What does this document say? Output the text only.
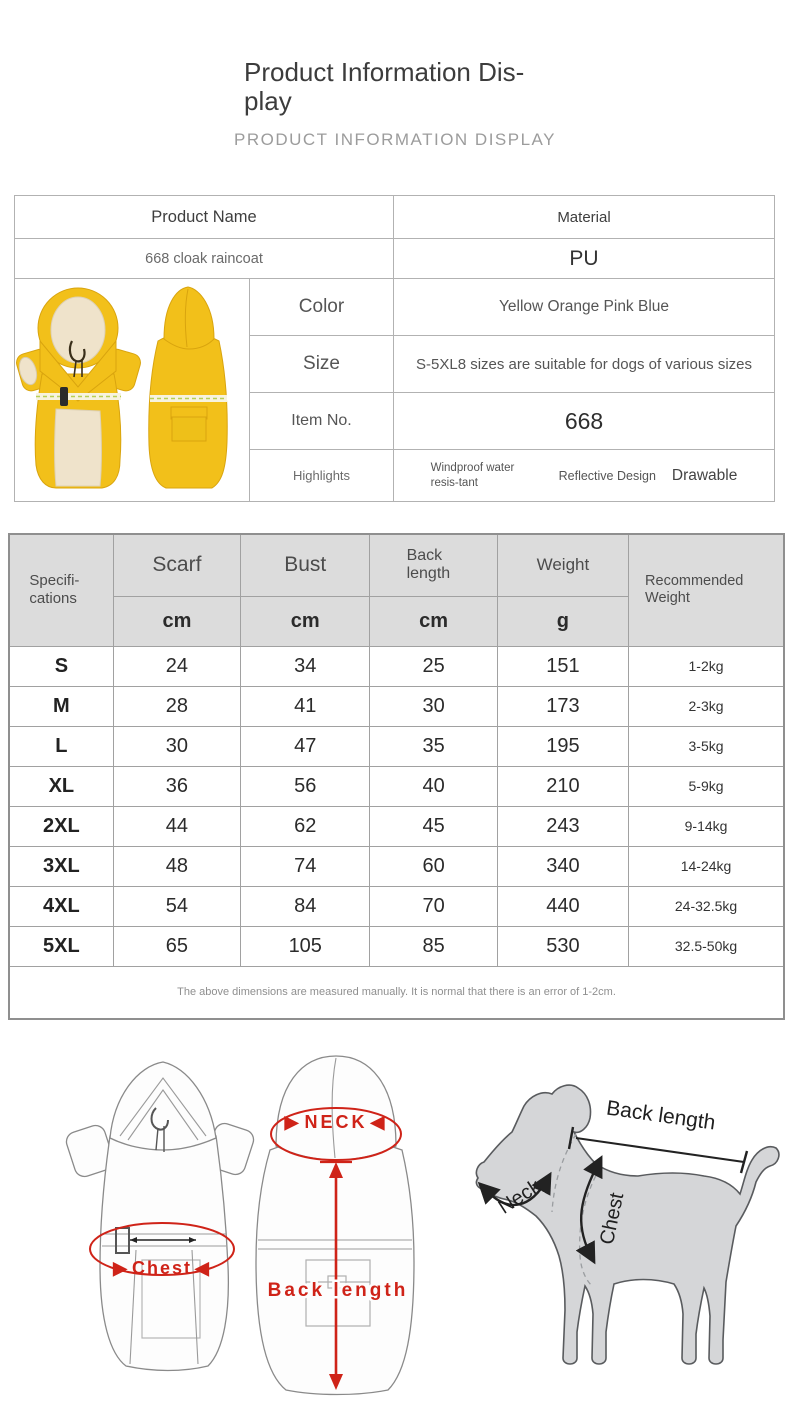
Product Information Dis-
play
PRODUCT INFORMATION DISPLAY
Product Name		Material
668 cloak raincoat		PU
	Color	Yellow Orange Pink Blue
	Size	S-5XL8 sizes are suitable for dogs of various sizes
	Item No.	668
	Highlights	Windproof water resis-tant Reflective Design Drawable
Specifi-cations	Scarf	Bust	Back length	Weight	Recommended Weight
	cm	cm	cm	g	
S	24	34	25	151	1-2kg
M	28	41	30	173	2-3kg
L	30	47	35	195	3-5kg
XL	36	56	40	210	5-9kg
2XL	44	62	45	243	9-14kg
3XL	48	74	60	340	14-24kg
4XL	54	84	70	440	24-32.5kg
5XL	65	105	85	530	32.5-50kg
The above dimensions are measured manually. It is normal that there is an error of 1-2cm.					
▶ Chest ◀
▶ NECK ◀
Back length
Back length
Neck	Chest
